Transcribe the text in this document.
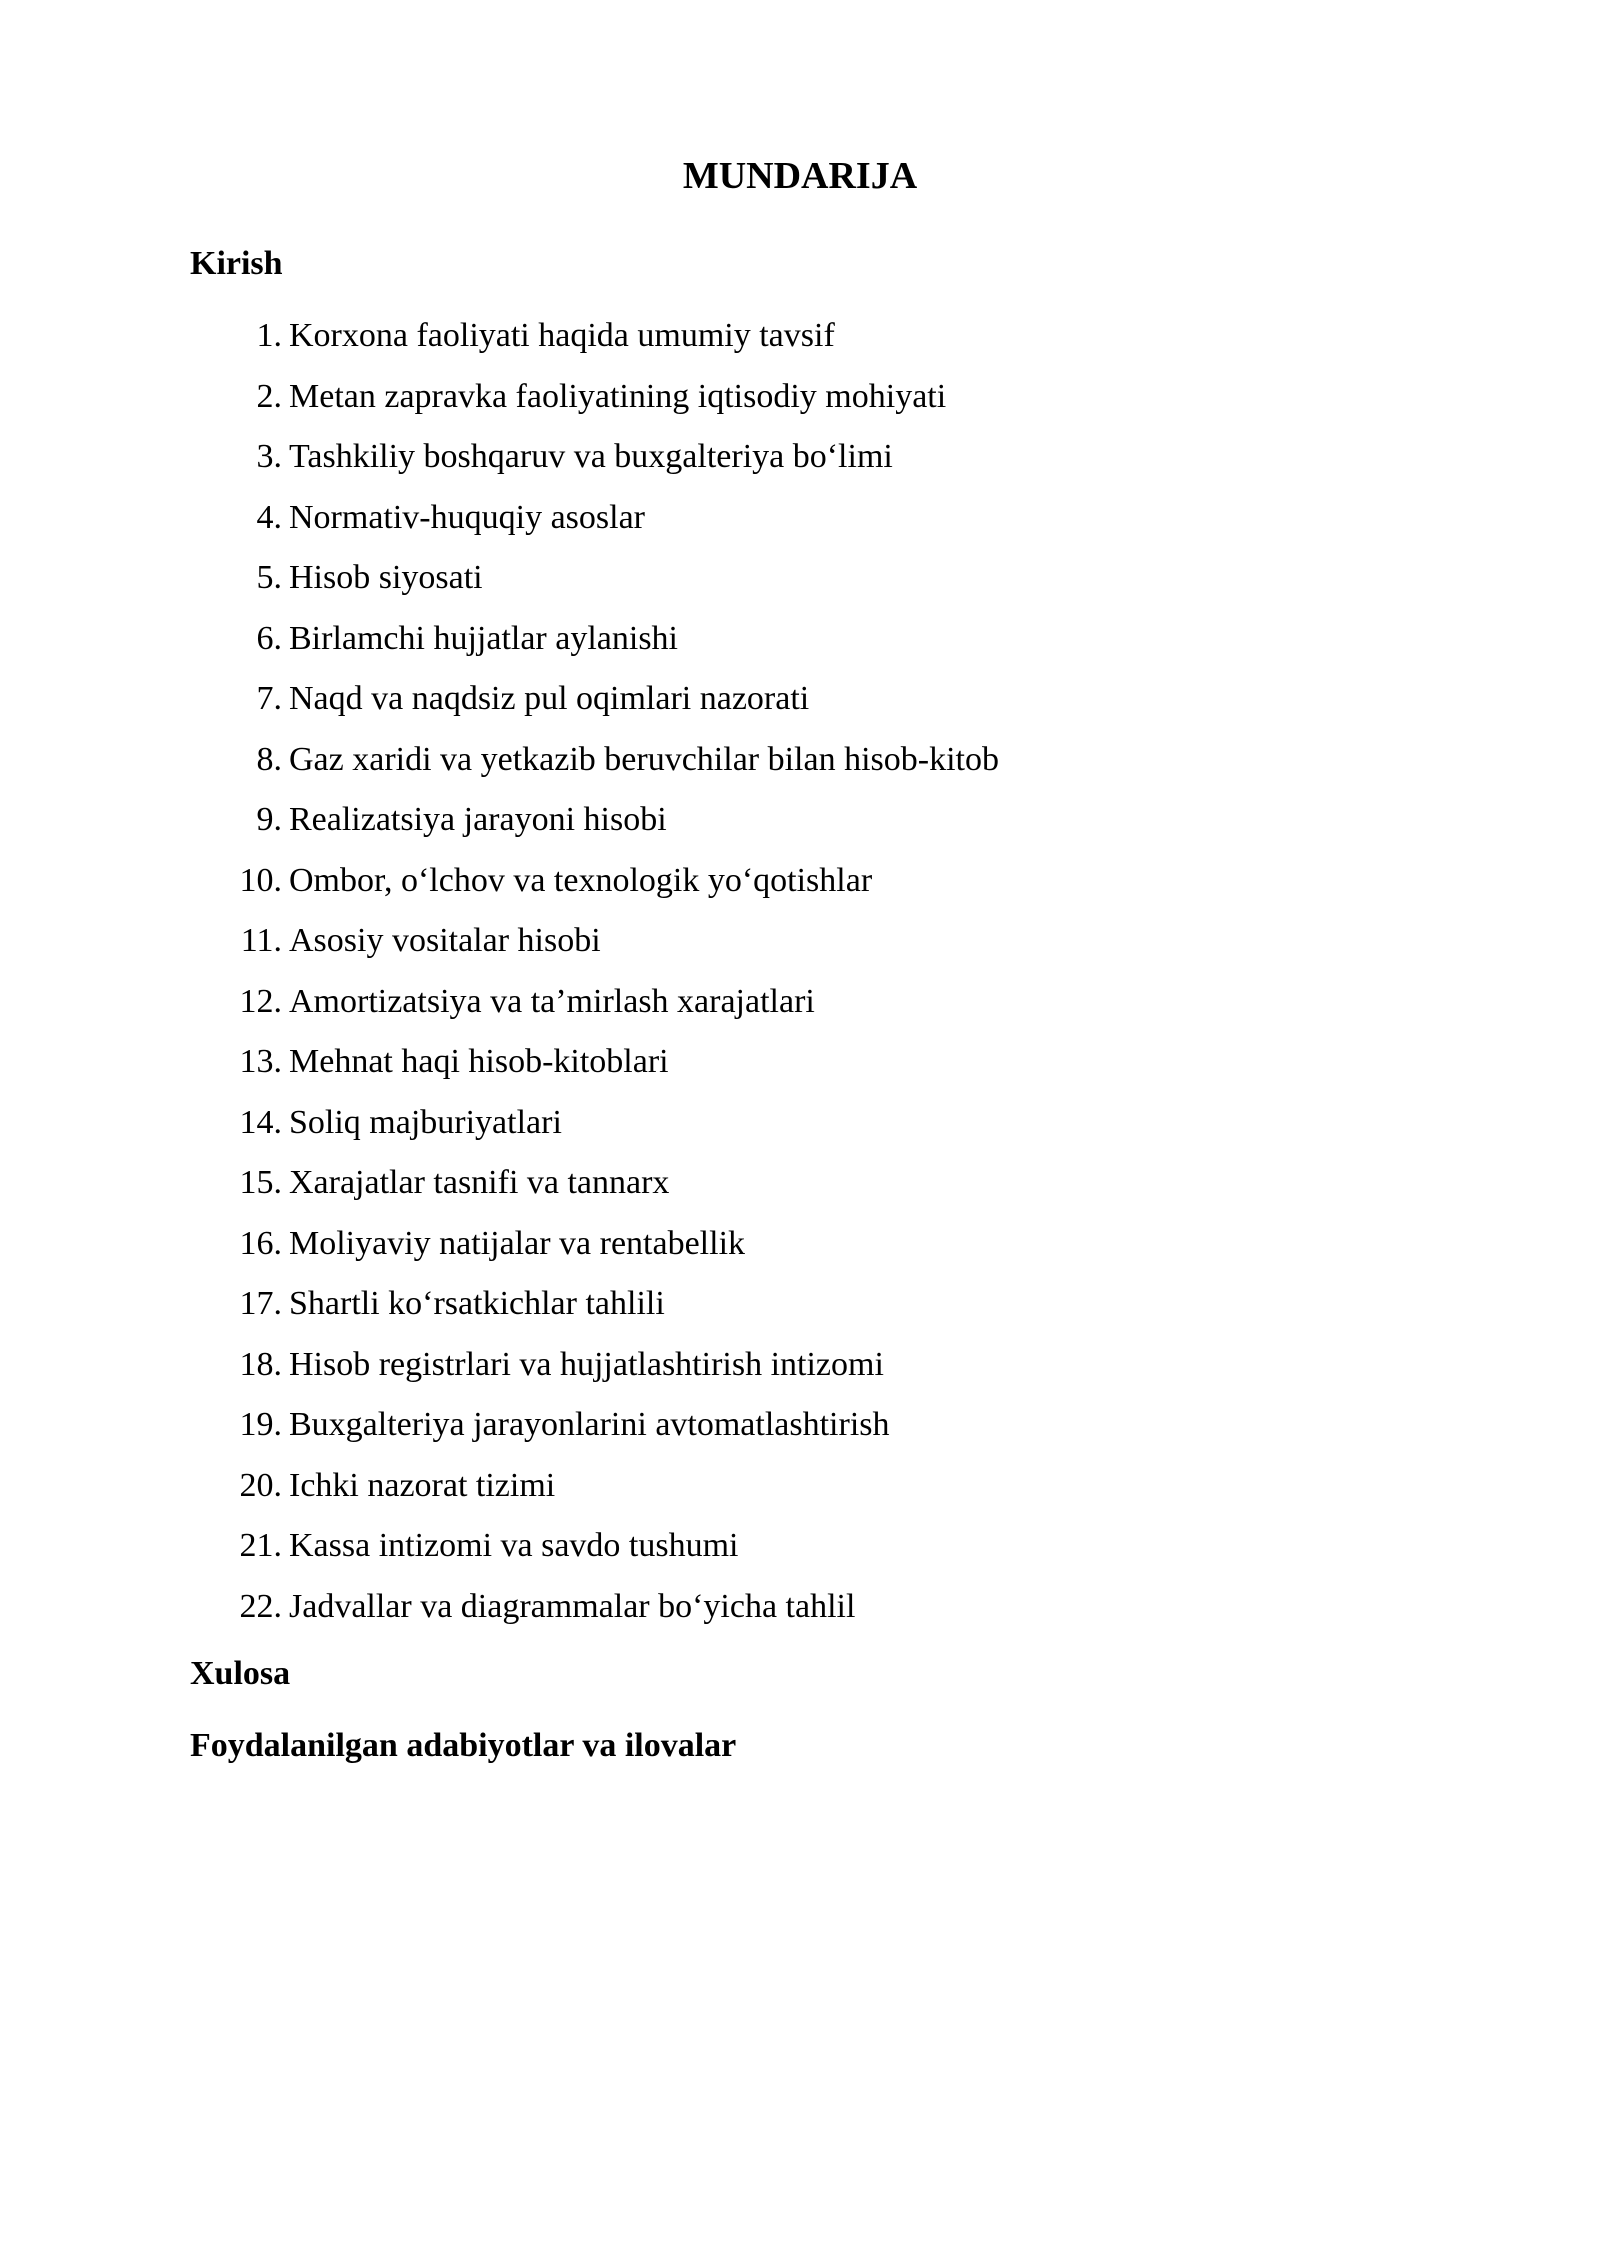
MUNDARIJA
Kirish
1. Korxona faoliyati haqida umumiy tavsif
2. Metan zapravka faoliyatining iqtisodiy mohiyati
3. Tashkiliy boshqaruv va buxgalteriya bo‘limi
4. Normativ-huquqiy asoslar
5. Hisob siyosati
6. Birlamchi hujjatlar aylanishi
7. Naqd va naqdsiz pul oqimlari nazorati
8. Gaz xaridi va yetkazib beruvchilar bilan hisob-kitob
9. Realizatsiya jarayoni hisobi
10. Ombor, o‘lchov va texnologik yo‘qotishlar
11. Asosiy vositalar hisobi
12. Amortizatsiya va ta’mirlash xarajatlari
13. Mehnat haqi hisob-kitoblari
14. Soliq majburiyatlari
15. Xarajatlar tasnifi va tannarx
16. Moliyaviy natijalar va rentabellik
17. Shartli ko‘rsatkichlar tahlili
18. Hisob registrlari va hujjatlashtirish intizomi
19. Buxgalteriya jarayonlarini avtomatlashtirish
20. Ichki nazorat tizimi
21. Kassa intizomi va savdo tushumi
22. Jadvallar va diagrammalar bo‘yicha tahlil
Xulosa
Foydalanilgan adabiyotlar va ilovalar
